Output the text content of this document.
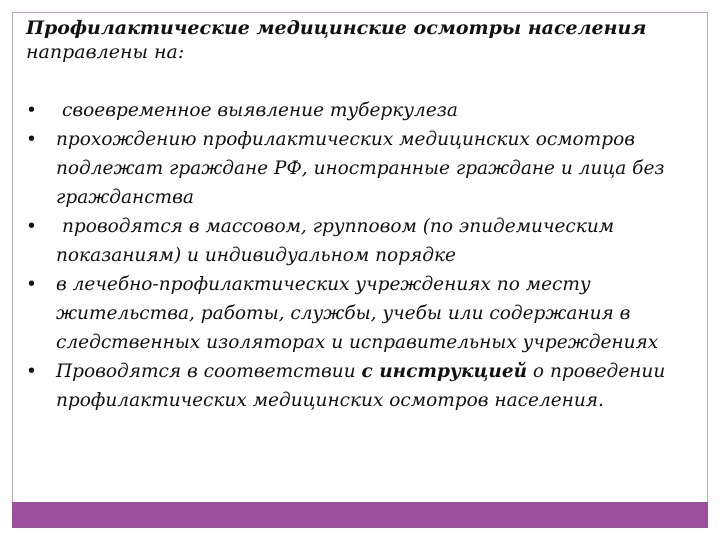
Профилактические медицинские осмотры населения направлены на:
• своевременное выявление туберкулеза
• прохождению профилактических медицинских осмотров подлежат граждане РФ, иностранные граждане и лица без гражданства
• проводятся в массовом, групповом (по эпидемическим показаниям) и индивидуальном порядке
• в лечебно-профилактических учреждениях по месту жительства, работы, службы, учебы или содержания в следственных изоляторах и исправительных учреждениях
• Проводятся в соответствии с инструкцией о проведении профилактических медицинских осмотров населения.
